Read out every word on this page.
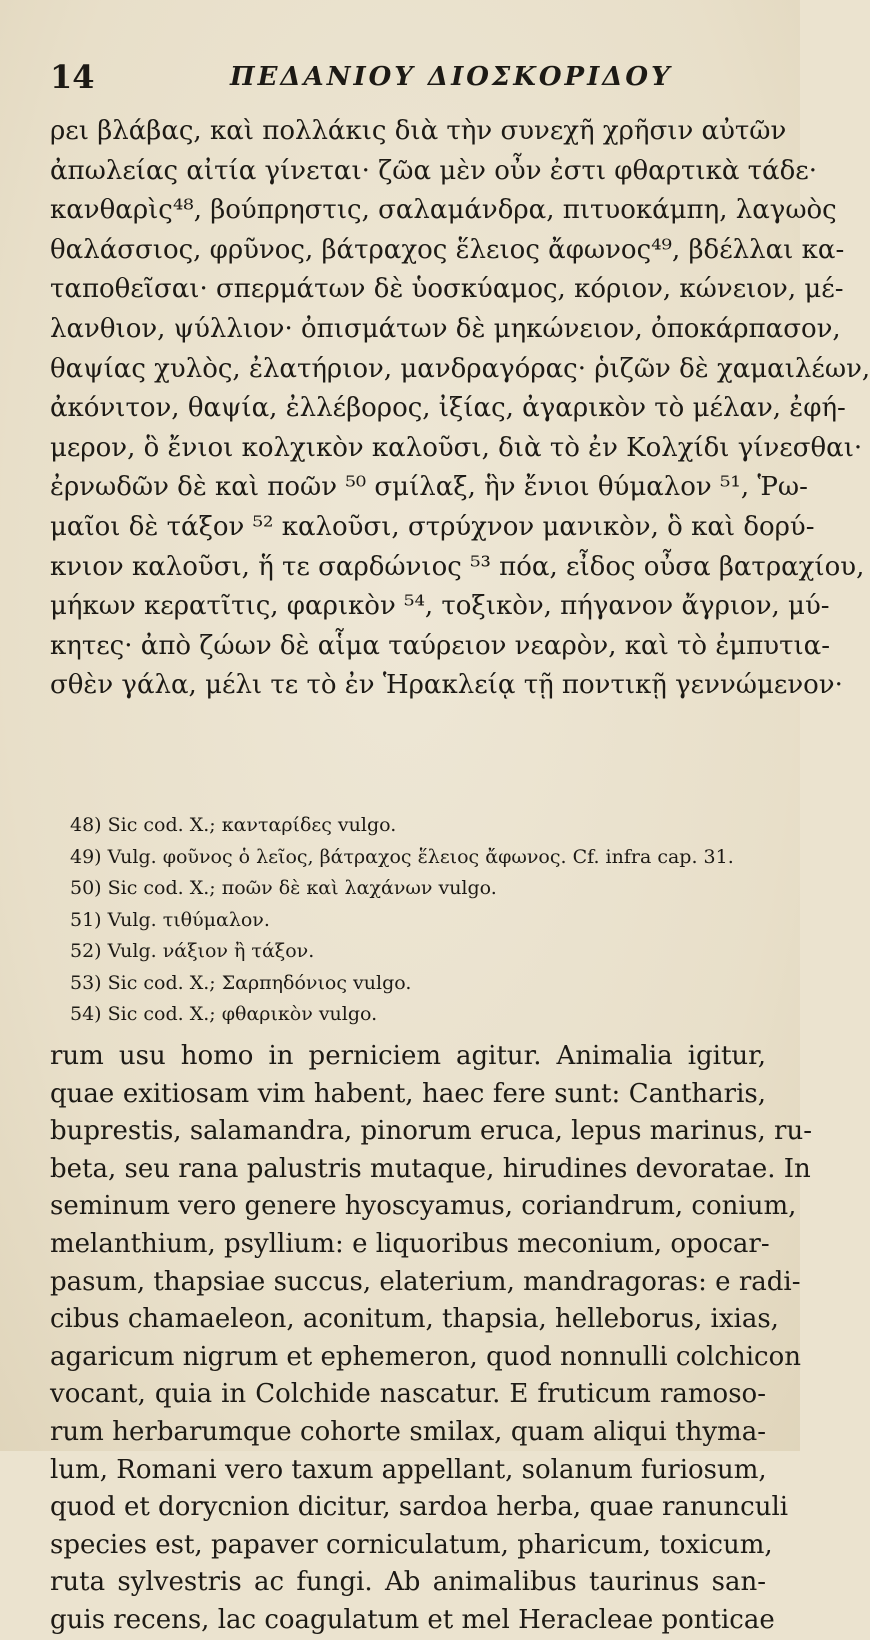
14	ΠΕΔΑΝΙΟΥ ΔΙΟΣΚΟΡΙΔΟΥ
ρει βλάβας, καὶ πολλάκις διὰ τὴν συνεχῆ χρῆσιν αὐτῶν
ἀπωλείας αἰτία γίνεται· ζῶα μὲν οὖν ἐστι φθαρτικὰ τάδε·
κανθαρὶς⁴⁸, βούπρηστις, σαλαμάνδρα, πιτυοκάμπη, λαγωὸς
θαλάσσιος, φρῦνος, βάτραχος ἕλειος ἄφωνος⁴⁹, βδέλλαι κα-
ταποθεῖσαι· σπερμάτων δὲ ὑοσκύαμος, κόριον, κώνειον, μέ-
λανθιον, ψύλλιον· ὀπισμάτων δὲ μηκώνειον, ὀποκάρπασον,
θαψίας χυλὸς, ἐλατήριον, μανδραγόρας· ῥιζῶν δὲ χαμαιλέων,
ἀκόνιτον, θαψία, ἐλλέβορος, ἰξίας, ἀγαρικὸν τὸ μέλαν, ἐφή-
μερον, ὃ ἔνιοι κολχικὸν καλοῦσι, διὰ τὸ ἐν Κολχίδι γίνεσθαι·
ἐρνωδῶν δὲ καὶ ποῶν ⁵⁰ σμίλαξ, ἣν ἔνιοι θύμαλον ⁵¹, Ῥω-
μαῖοι δὲ τάξον ⁵² καλοῦσι, στρύχνον μανικὸν, ὃ καὶ δορύ-
κνιον καλοῦσι, ἥ τε σαρδώνιος ⁵³ πόα, εἶδος οὖσα βατραχίου,
μήκων κερατῖτις, φαρικὸν ⁵⁴, τοξικὸν, πήγανον ἄγριον, μύ-
κητες· ἀπὸ ζώων δὲ αἷμα ταύρειον νεαρὸν, καὶ τὸ ἐμπυτια-
σθὲν γάλα, μέλι τε τὸ ἐν Ἡρακλείᾳ τῇ ποντικῇ γεννώμενον·
48) Sic cod. X.; κανταρίδες vulgo.
49) Vulg. φοῦνος ὁ λεῖος, βάτραχος ἕλειος ἄφωνος. Cf. infra cap. 31.
50) Sic cod. X.; ποῶν δὲ καὶ λαχάνων vulgo.
51) Vulg. τιθύμαλον.
52) Vulg. νάξιον ἢ τάξον.
53) Sic cod. X.; Σαρπηδόνιος vulgo.
54) Sic cod. X.; φθαρικὸν vulgo.
rum usu homo in perniciem agitur. Animalia igitur,
quae exitiosam vim habent, haec fere sunt: Cantharis,
buprestis, salamandra, pinorum eruca, lepus marinus, ru-
beta, seu rana palustris mutaque, hirudines devoratae. In
seminum vero genere hyoscyamus, coriandrum, conium,
melanthium, psyllium: e liquoribus meconium, opocar-
pasum, thapsiae succus, elaterium, mandragoras: e radi-
cibus chamaeleon, aconitum, thapsia, helleborus, ixias,
agaricum nigrum et ephemeron, quod nonnulli colchicon
vocant, quia in Colchide nascatur. E fruticum ramoso-
rum herbarumque cohorte smilax, quam aliqui thyma-
lum, Romani vero taxum appellant, solanum furiosum,
quod et dorycnion dicitur, sardoa herba, quae ranunculi
species est, papaver corniculatum, pharicum, toxicum,
ruta sylvestris ac fungi. Ab animalibus taurinus san-
guis recens, lac coagulatum et mel Heracleae ponticae
